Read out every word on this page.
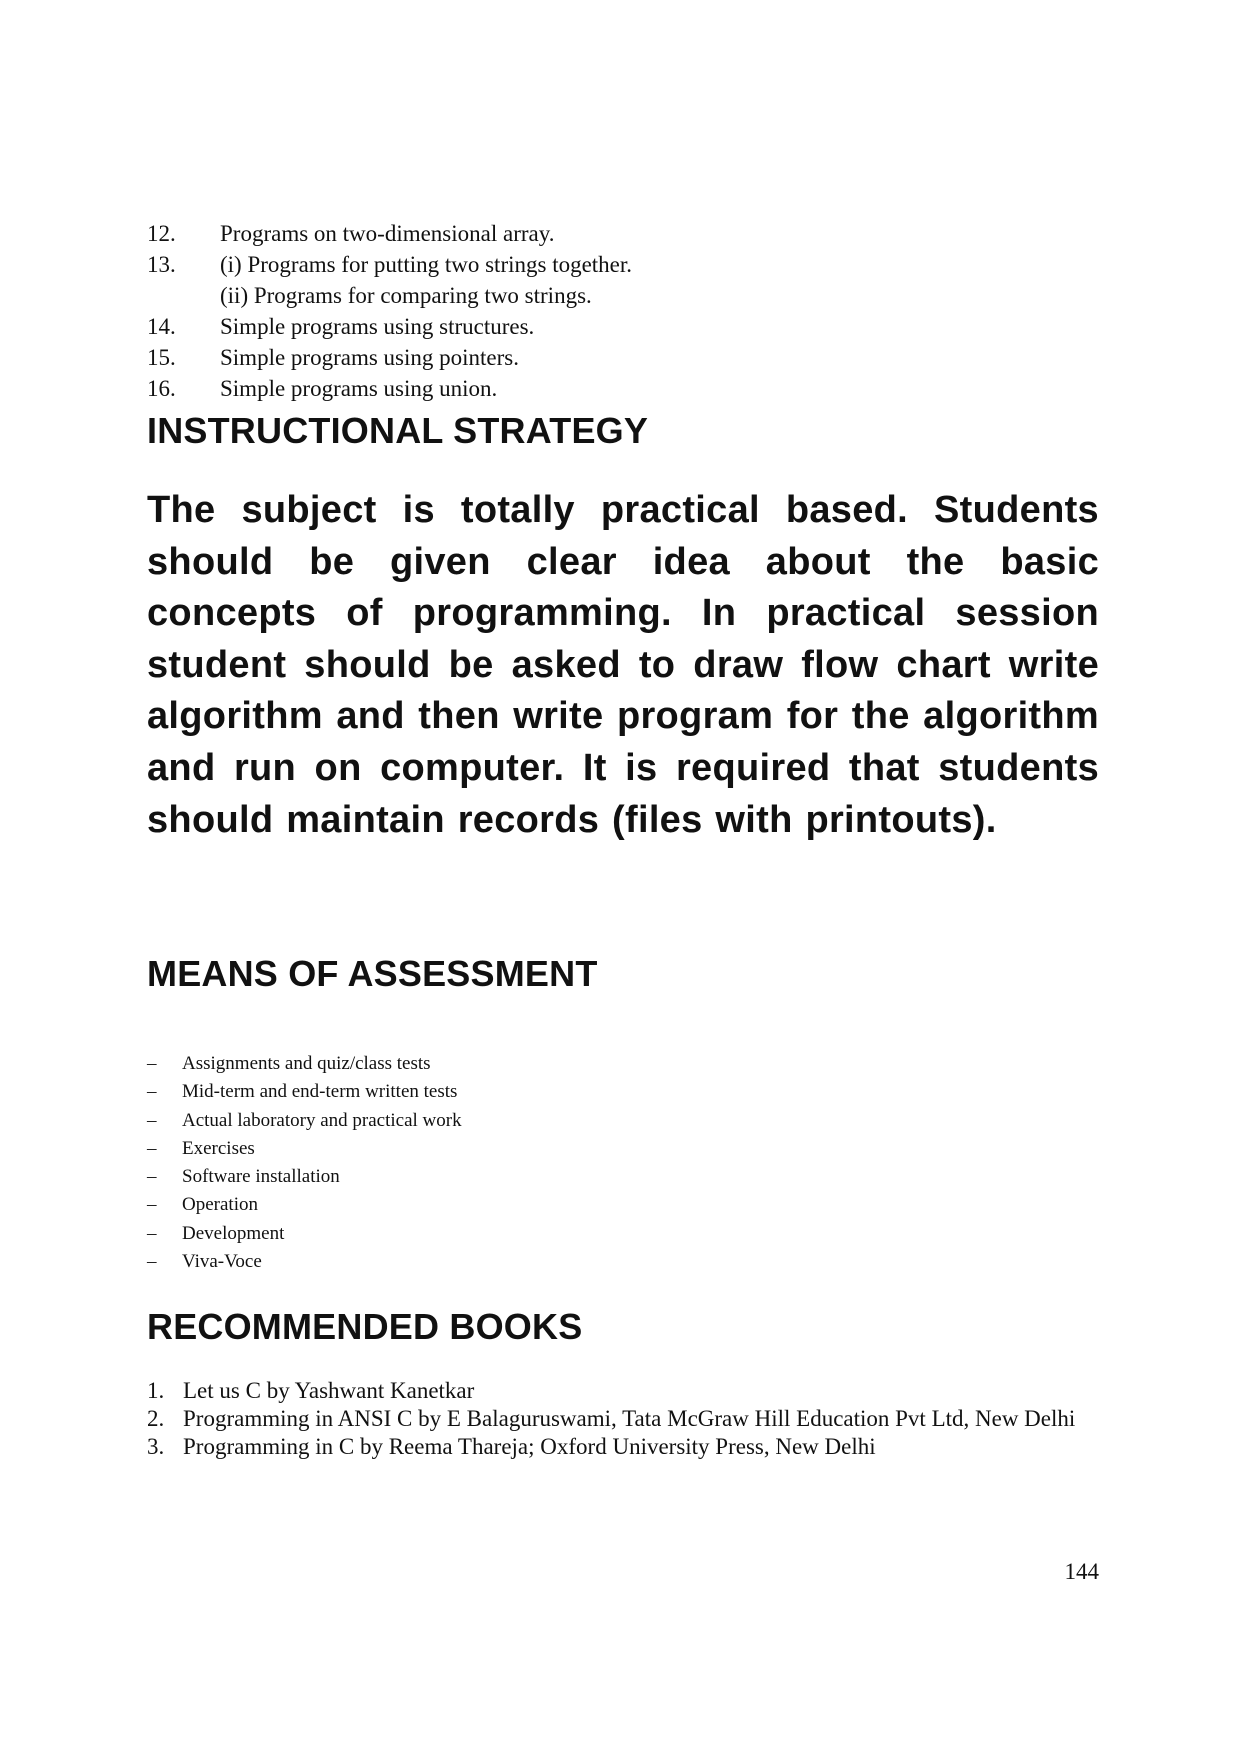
12.	Programs on two-dimensional array.
13.	(i) Programs for putting two strings together.
(ii) Programs for comparing two strings.
14.	Simple programs using structures.
15.	Simple programs using pointers.
16.	Simple programs using union.
INSTRUCTIONAL STRATEGY

The subject is totally practical based. Students should be given clear idea about the basic concepts of programming. In practical session student should be asked to draw flow chart write algorithm and then write program for the algorithm and run on computer. It is required that students should maintain records (files with printouts).

MEANS OF ASSESSMENT
–	Assignments and quiz/class tests
–	Mid-term and end-term written tests
–	Actual laboratory and practical work
–	Exercises
–	Software installation
–	Operation
–	Development
–	Viva-Voce
RECOMMENDED BOOKS
1. Let us C by Yashwant Kanetkar
2. Programming in ANSI C by E Balaguruswami, Tata McGraw Hill Education Pvt Ltd, New Delhi
3. Programming in C by Reema Thareja; Oxford University Press, New Delhi
144
